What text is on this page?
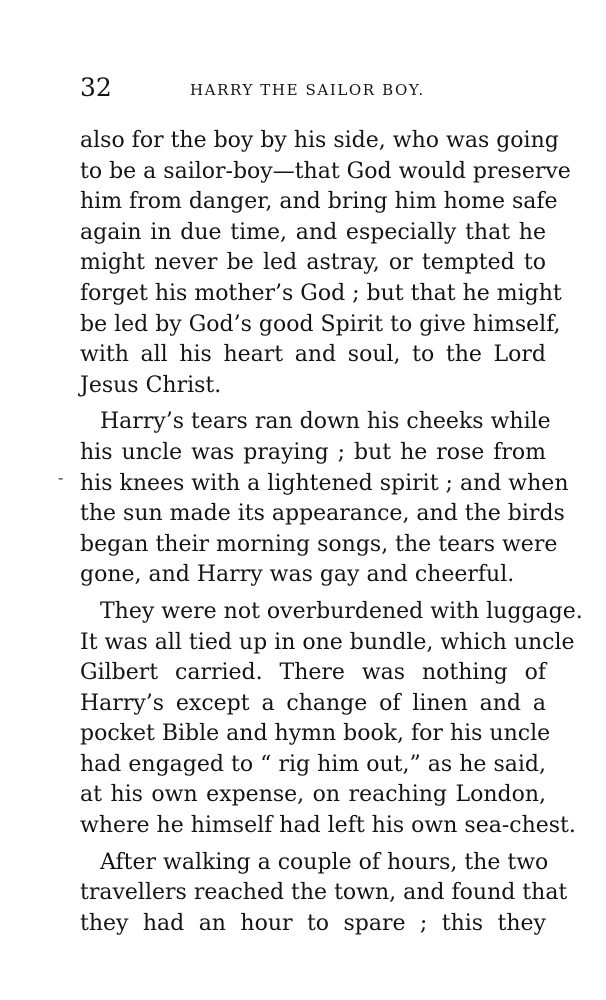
32	HARRY THE SAILOR BOY.
-
also for the boy by his side, who was going
to be a sailor-boy—that God would preserve
him from danger, and bring him home safe
again in due time, and especially that he
might never be led astray, or tempted to
forget his mother’s God ; but that he might
be led by God’s good Spirit to give himself,
with all his heart and soul, to the Lord
Jesus Christ.
Harry’s tears ran down his cheeks while
his uncle was praying ; but he rose from
his knees with a lightened spirit ; and when
the sun made its appearance, and the birds
began their morning songs, the tears were
gone, and Harry was gay and cheerful.
They were not overburdened with luggage.
It was all tied up in one bundle, which uncle
Gilbert carried. There was nothing of
Harry’s except a change of linen and a
pocket Bible and hymn book, for his uncle
had engaged to “ rig him out,” as he said,
at his own expense, on reaching London,
where he himself had left his own sea-chest.
After walking a couple of hours, the two
travellers reached the town, and found that
they had an hour to spare ; this they
